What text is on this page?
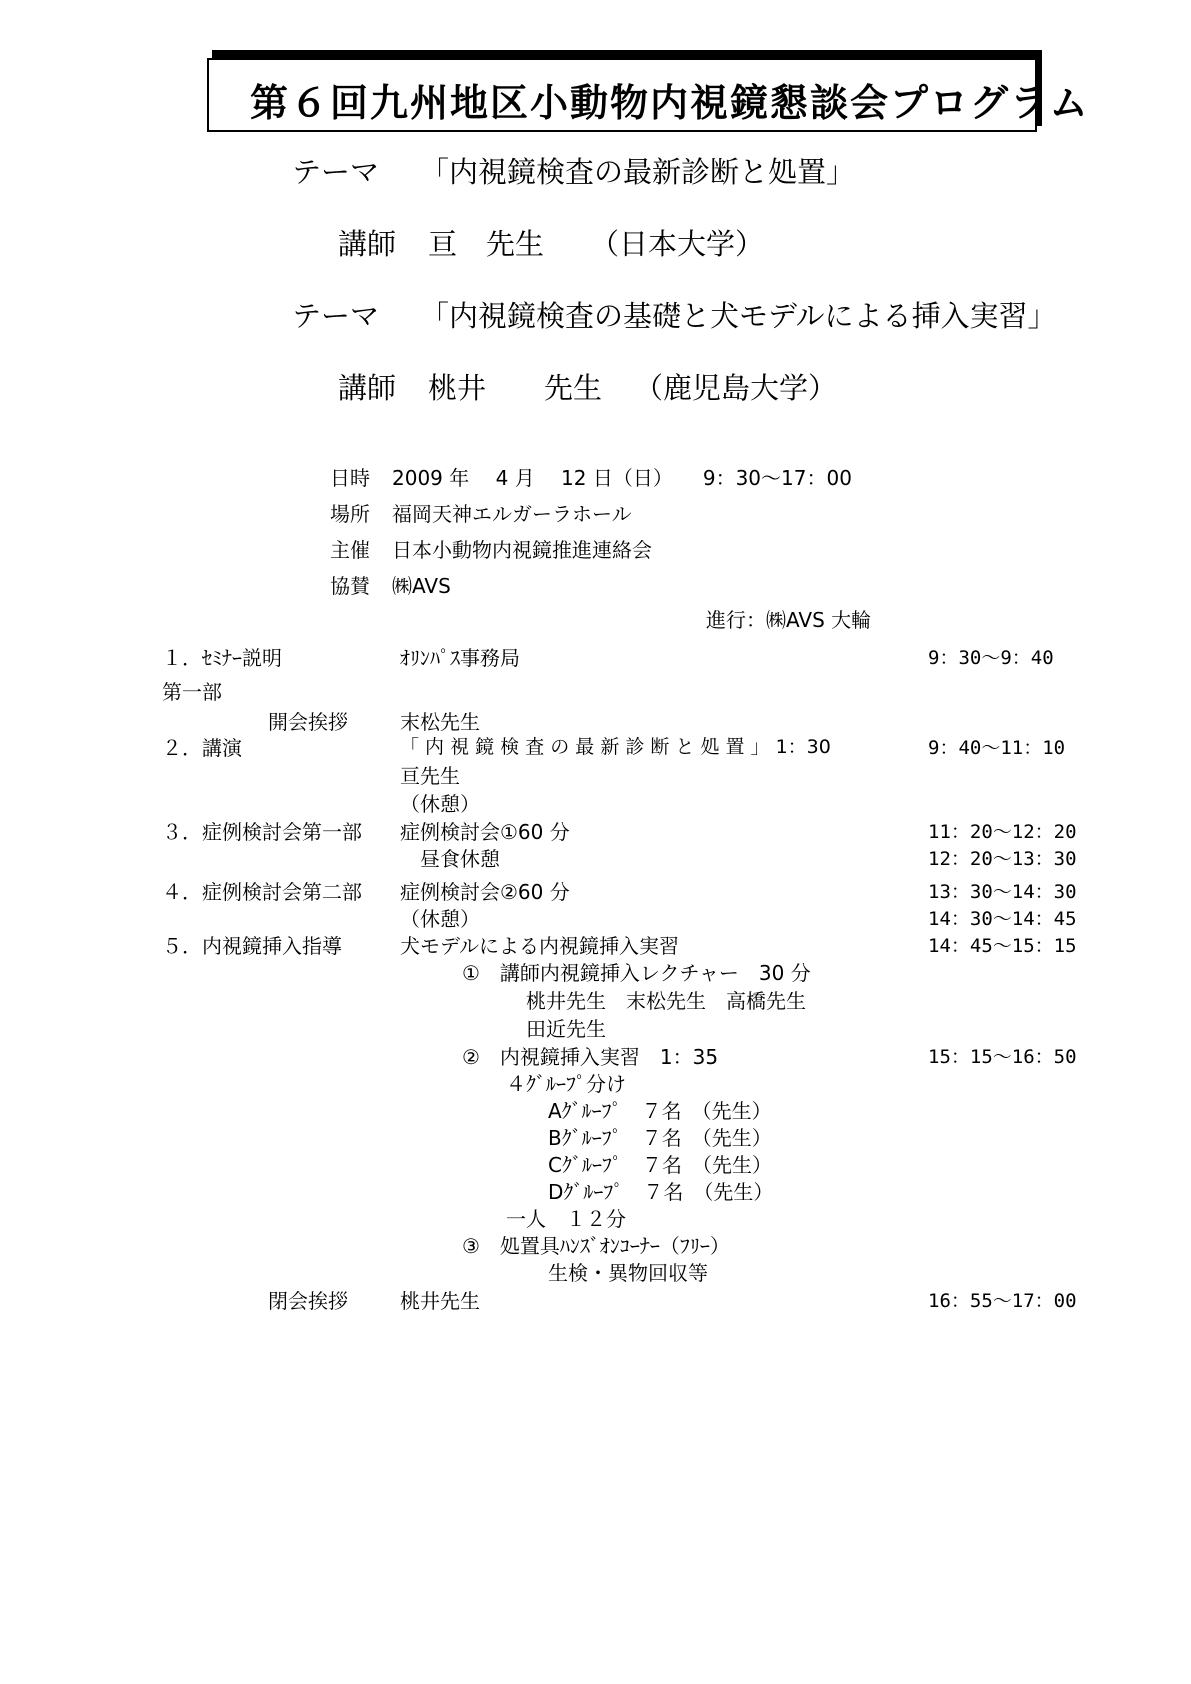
第６回九州地区小動物内視鏡懇談会プログラム
テーマ 「内視鏡検査の最新診断と処置」
講師 亘　先生 （日本大学）
テーマ 「内視鏡検査の基礎と犬モデルによる挿入実習」
講師 桃井　　先生 （鹿児島大学）
日時 2009 年　 4 月　 12 日（日）　　9：30～17：00
場所 福岡天神エルガーラホール
主催 日本小動物内視鏡推進連絡会
協賛 ㈱AVS
進行：㈱AVS 大輪
１．ｾﾐﾅｰ説明	ｵﾘﾝﾊﾟｽ事務局	9：30～9：40
第一部
開会挨拶	末松先生
２．講演	「 内 視 鏡 検 査 の 最 新 診 断 と 処 置 」 1：30	9：40～11：10
亘先生
（休憩）
３．症例検討会第一部 症例検討会①60 分	11：20～12：20
昼食休憩	12：20～13：30
４．症例検討会第二部 症例検討会②60 分	13：30～14：30
（休憩）	14：30～14：45
５．内視鏡挿入指導	犬モデルによる内視鏡挿入実習	14：45～15：15
①　講師内視鏡挿入レクチャー　30 分
桃井先生　末松先生　高橋先生
田近先生
②　内視鏡挿入実習　1：35	15：15～16：50
４ｸﾞﾙｰﾌﾟ分け
Aｸﾞﾙｰﾌﾟ　７名　（先生）
Bｸﾞﾙｰﾌﾟ　７名　（先生）
Cｸﾞﾙｰﾌﾟ　７名　（先生）
Dｸﾞﾙｰﾌﾟ　７名　（先生）
一人　１２分
③　処置具ﾊﾝｽﾞｵﾝｺｰﾅｰ（ﾌﾘｰ）
生検・異物回収等
閉会挨拶	桃井先生	16：55～17：00
